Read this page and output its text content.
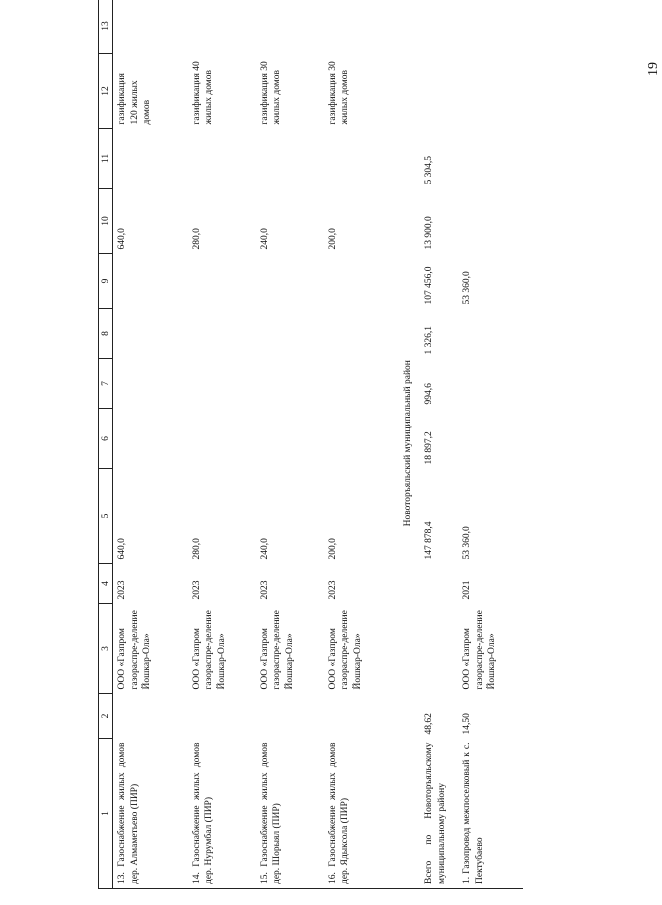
19
1	2	3	4	5	6	7	8	9	10	11	12	13
13. Газоснабжение жилых домов дер. Алмаметьево (ПИР)		ООО «Газпром газораспре-деление Йошкар-Ола»	2023	640,0					640,0		газификация 120 жилых домов	
14. Газоснабжение жилых домов дер. Нурумбал (ПИР)		ООО «Газпром газораспре-деление Йошкар-Ола»	2023	280,0					280,0		газификация 40 жилых домов	
15. Газоснабжение жилых домов дер. Шорыял (ПИР)		ООО «Газпром газораспре-деление Йошкар-Ола»	2023	240,0					240,0		газификация 30 жилых домов	
16. Газоснабжение жилых домов дер. Ядыксола (ПИР)		ООО «Газпром газораспре-деление Йошкар-Ола»	2023	200,0					200,0		газификация 30 жилых домов	
Новоторъяльский муниципальный район												
Всего по Новоторъяльскому муниципальному району	48,62			147 878,4	18 897,2	994,6	1 326,1	107 456,0	13 900,0	5 304,5		
1. Газопровод межпоселковый к с. Пектубаево	14,50	ООО «Газпром газораспре-деление Йошкар-Ола»	2021	53 360,0				53 360,0				
